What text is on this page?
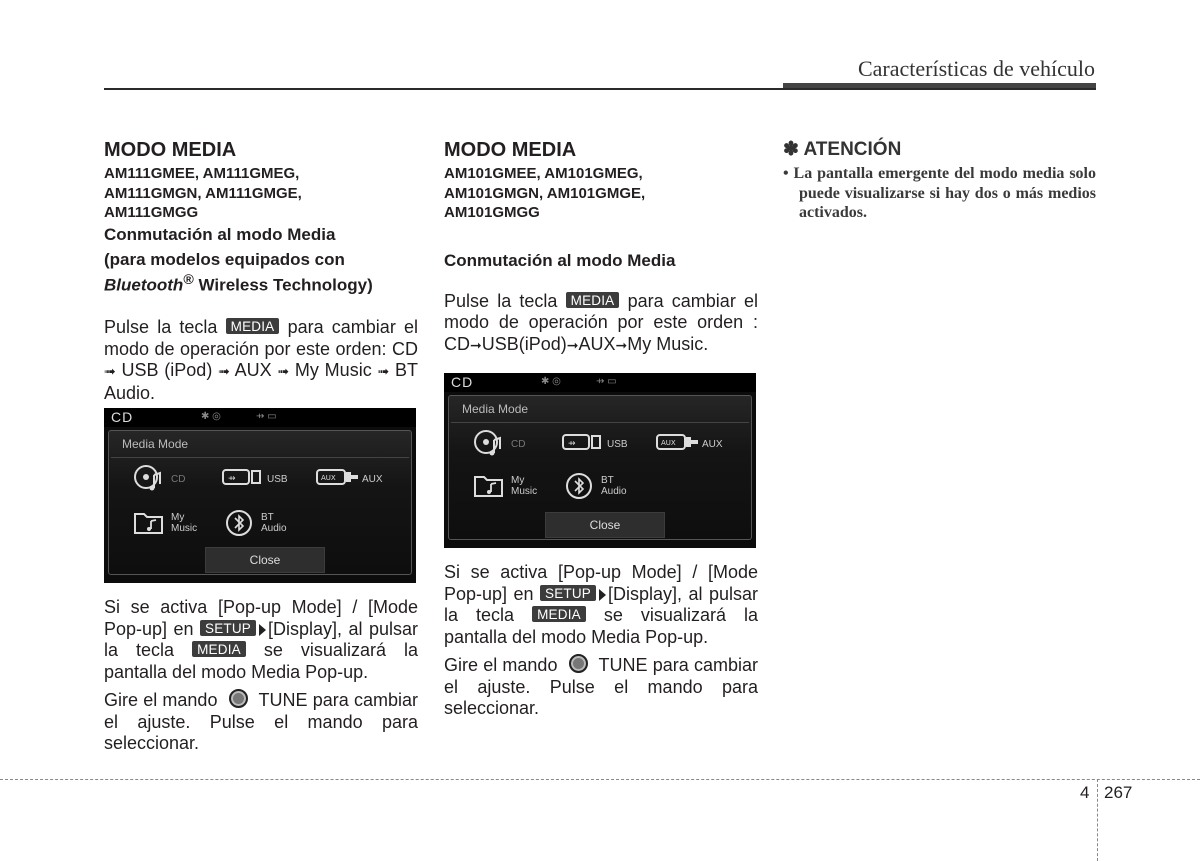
Características de vehículo

MODO MEDIA

AM111GMEE, AM111GMEG,
AM111GMGN, AM111GMGE,
AM111GMGG

Conmutación al modo Media

(para modelos equipados con
Bluetooth® Wireless Technology)

Pulse la tecla MEDIA para cambiar el modo de operación por este orden: CD ➟ USB (iPod) ➟ AUX ➟ My Music ➟ BT Audio.

CD	✱ ◎	⇸ ▭
Media Mode
CD	⇸	USB	AUX	AUX
My
Music
BT
Audio
Close

Si se activa [Pop-up Mode] / [Mode Pop-up] en SETUP [Display], al pulsar la tecla MEDIA se visualizará la pantalla del modo Media Pop-up.

Gire el mando  TUNE para cambiar el ajuste. Pulse el mando para seleccionar.

MODO MEDIA

AM101GMEE, AM101GMEG,
AM101GMGN, AM101GMGE,
AM101GMGG

Conmutación al modo Media

Pulse la tecla MEDIA para cambiar el modo de operación por este orden : CD➞USB(iPod)➞AUX➞My Music.

CD	✱ ◎	⇸ ▭
Media Mode
CD	⇸	USB	AUX	AUX
My
Music
BT
Audio
Close

Si se activa [Pop-up Mode] / [Mode Pop-up] en SETUP [Display], al pulsar la tecla MEDIA se visualizará la pantalla del modo Media Pop-up.

Gire el mando  TUNE para cambiar el ajuste. Pulse el mando para seleccionar.

✽ ATENCIÓN

• La pantalla emergente del modo media solo puede visualizarse si hay dos o más medios activados.

4 267
